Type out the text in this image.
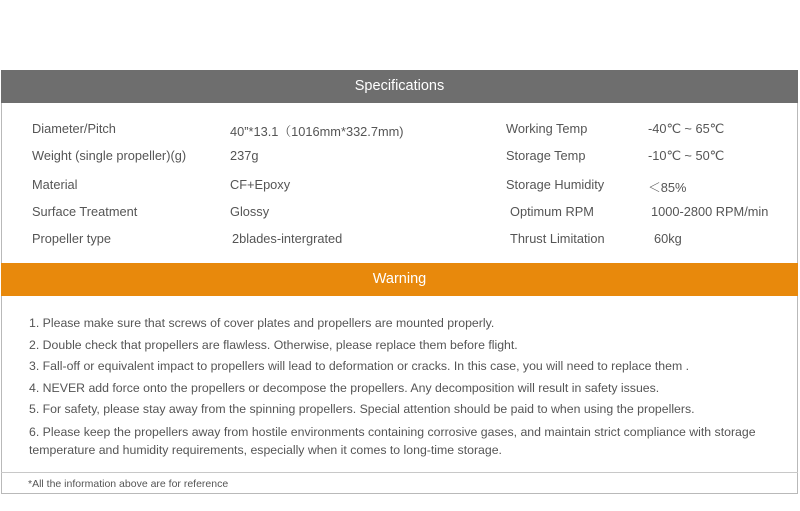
Specifications
Diameter/Pitch	40”*13.1（1016mm*332.7mm)	Working Temp	-40℃ ~ 65℃
Weight (single propeller)(g)	237g	Storage Temp	-10℃ ~ 50℃
Material	CF+Epoxy	Storage Humidity	＜85%
Surface Treatment	Glossy	Optimum RPM	1000-2800 RPM/min
Propeller type	2blades-intergrated	Thrust Limitation	60kg
Warning
1. Please make sure that screws of cover plates and propellers are mounted properly.
2. Double check that propellers are flawless. Otherwise, please replace them before flight.
3. Fall-off or equivalent impact to propellers will lead to deformation or cracks. In this case, you will need to replace them .
4. NEVER add force onto the propellers or decompose the propellers. Any decomposition will result in safety issues.
5. For safety, please stay away from the spinning propellers. Special attention should be paid to when using the propellers.
6. Please keep the propellers away from hostile environments containing corrosive gases, and maintain strict compliance with storage temperature and humidity requirements, especially when it comes to long-time storage.
*All the information above are for reference
